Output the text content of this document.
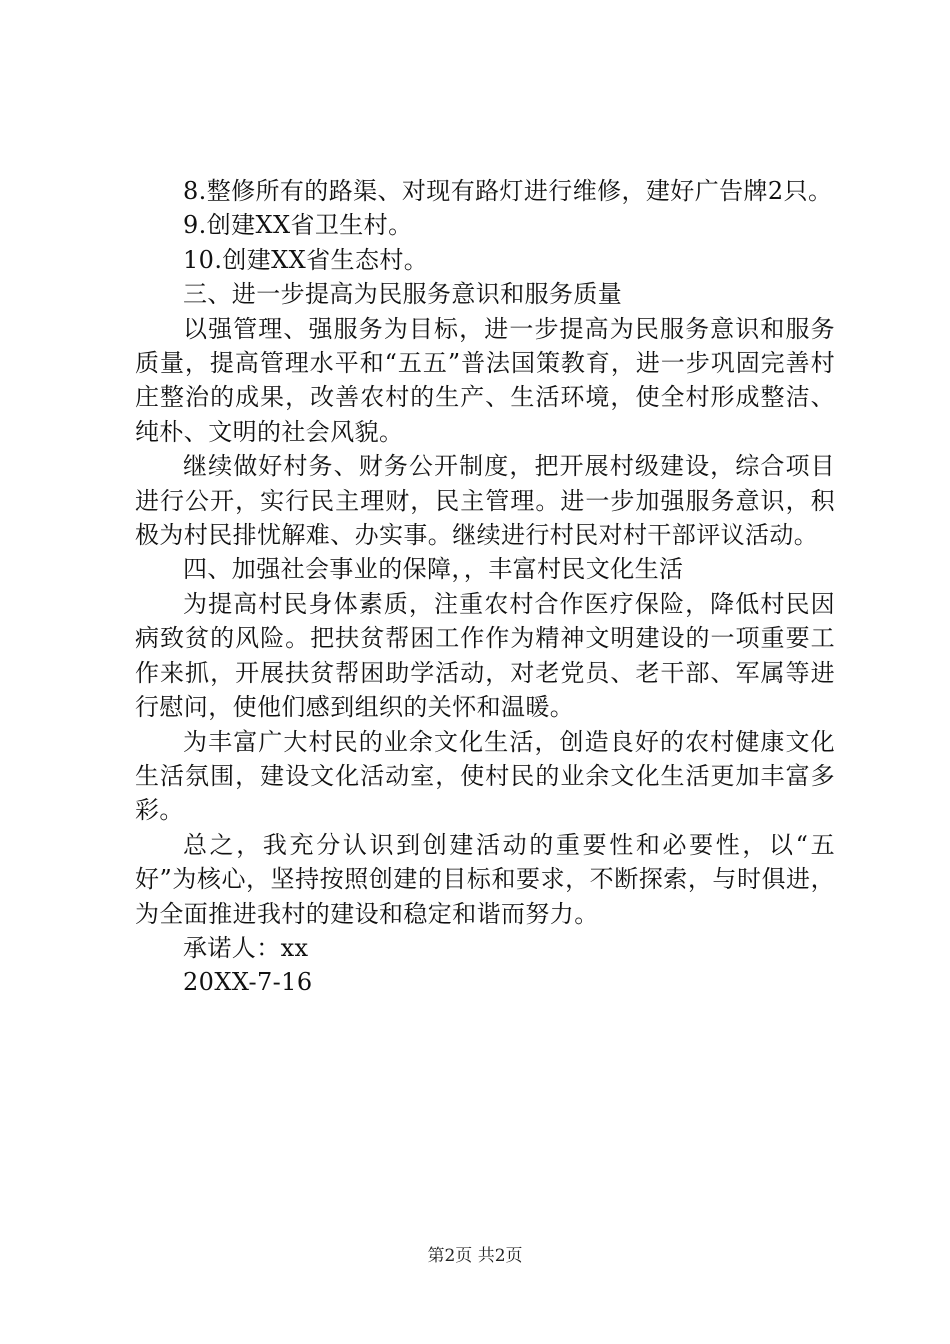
8.整修所有的路渠、对现有路灯进行维修，建好广告牌2只。

9.创建XX省卫生村。

10.创建XX省生态村。

三、进一步提高为民服务意识和服务质量

以强管理、强服务为目标，进一步提高为民服务意识和服务质量，提高管理水平和“五五”普法国策教育，进一步巩固完善村庄整治的成果，改善农村的生产、生活环境，使全村形成整洁、纯朴、文明的社会风貌。

继续做好村务、财务公开制度，把开展村级建设，综合项目进行公开，实行民主理财，民主管理。进一步加强服务意识，积极为村民排忧解难、办实事。继续进行村民对村干部评议活动。

四、加强社会事业的保障，，丰富村民文化生活

为提高村民身体素质，注重农村合作医疗保险，降低村民因病致贫的风险。把扶贫帮困工作作为精神文明建设的一项重要工作来抓，开展扶贫帮困助学活动，对老党员、老干部、军属等进行慰问，使他们感到组织的关怀和温暖。

为丰富广大村民的业余文化生活，创造良好的农村健康文化生活氛围，建设文化活动室，使村民的业余文化生活更加丰富多彩。

总之，我充分认识到创建活动的重要性和必要性，以“五好”为核心，坚持按照创建的目标和要求，不断探索，与时俱进，为全面推进我村的建设和稳定和谐而努力。

承诺人：xx

20XX-7-16

第2页 共2页
